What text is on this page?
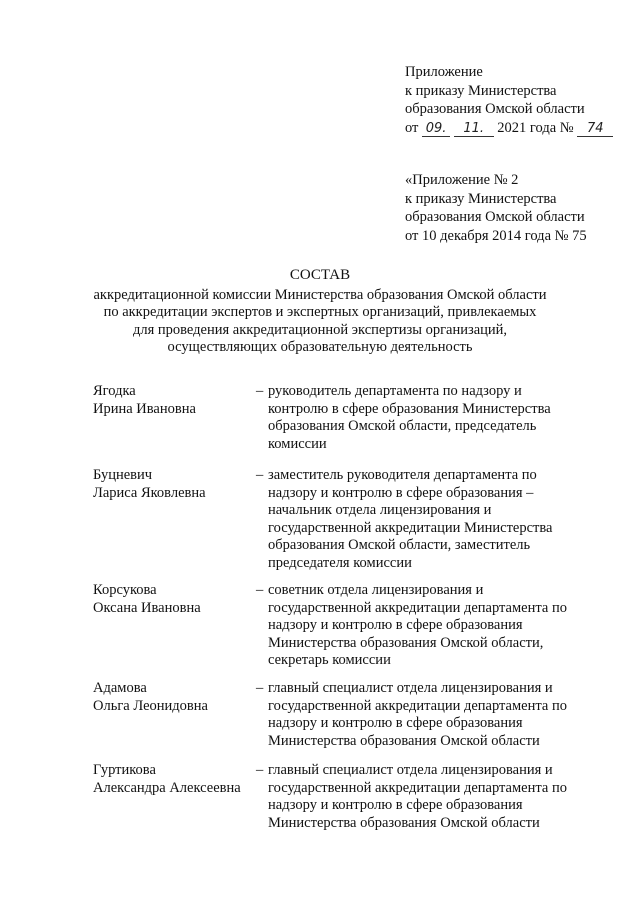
Приложение
к приказу Министерства
образования Омской области
от 09. 11. 2021 года № 74
«Приложение № 2
к приказу Министерства
образования Омской области
от 10 декабря 2014 года № 75
СОСТАВ
аккредитационной комиссии Министерства образования Омской области
по аккредитации экспертов и экспертных организаций, привлекаемых
для проведения аккредитационной экспертизы организаций,
осуществляющих образовательную деятельность
Ягодка
Ирина Ивановна
– руководитель департамента по надзору и
контролю в сфере образования Министерства
образования Омской области, председатель
комиссии
Буцневич
Лариса Яковлевна
– заместитель руководителя департамента по
надзору и контролю в сфере образования –
начальник отдела лицензирования и
государственной аккредитации Министерства
образования Омской области, заместитель
председателя комиссии
Корсукова
Оксана Ивановна
– советник отдела лицензирования и
государственной аккредитации департамента по
надзору и контролю в сфере образования
Министерства образования Омской области,
секретарь комиссии
Адамова
Ольга Леонидовна
– главный специалист отдела лицензирования и
государственной аккредитации департамента по
надзору и контролю в сфере образования
Министерства образования Омской области
Гуртикова
Александра Алексеевна
– главный специалист отдела лицензирования и
государственной аккредитации департамента по
надзору и контролю в сфере образования
Министерства образования Омской области
